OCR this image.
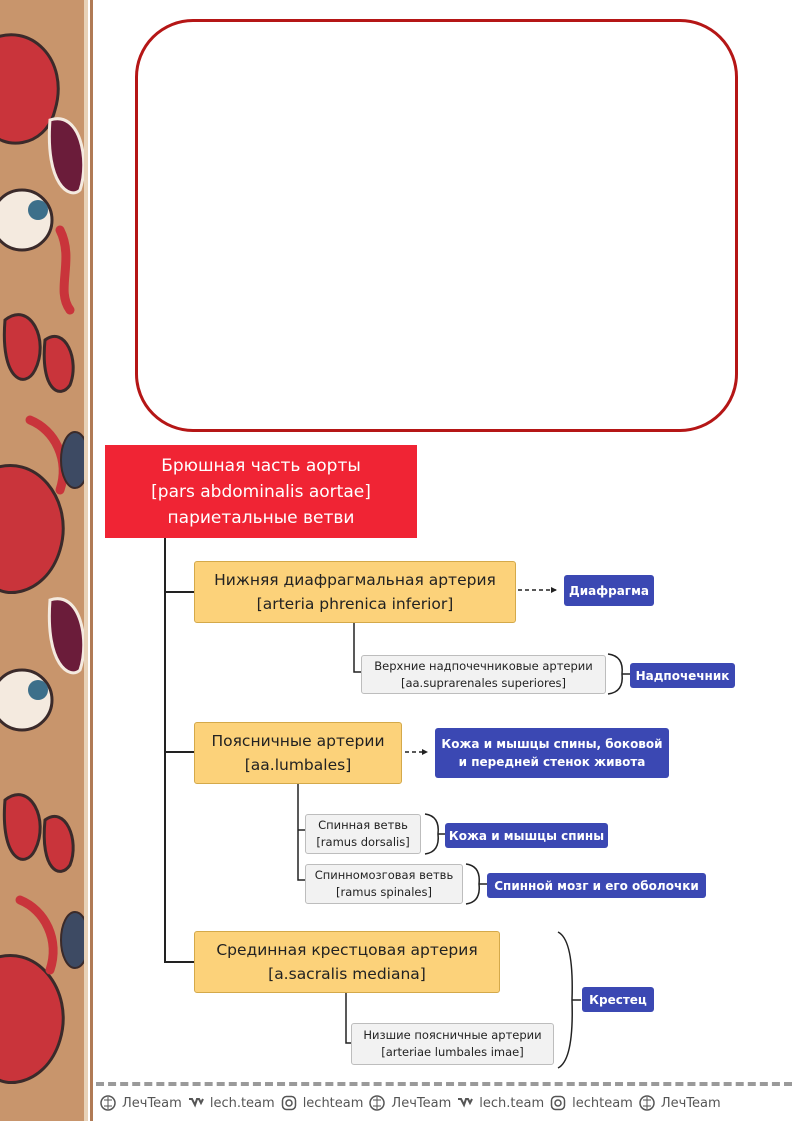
Брюшная часть аорты
[pars abdominalis aortae]
париетальные ветви
Нижняя диафрагмальная артерия
[arteria phrenica inferior]
Диафрагма
Верхние надпочечниковые артерии
[aa.suprarenales superiores]	Надпочечник
Поясничные артерии
[aa.lumbales]
Кожа и мышцы спины, боковой
и передней стенок живота
Спинная ветвь
[ramus dorsalis]	Кожа и мышцы спины
Спинномозговая ветвь
[ramus spinales]	Спинной мозг и его оболочки
Срединная крестцовая артерия
[a.sacralis mediana]
Крестец
Низшие поясничные артерии
[arteriae lumbales imae]
ЛечTeam lech.team lechteam ЛечTeam lech.team lechteam ЛечTeam
